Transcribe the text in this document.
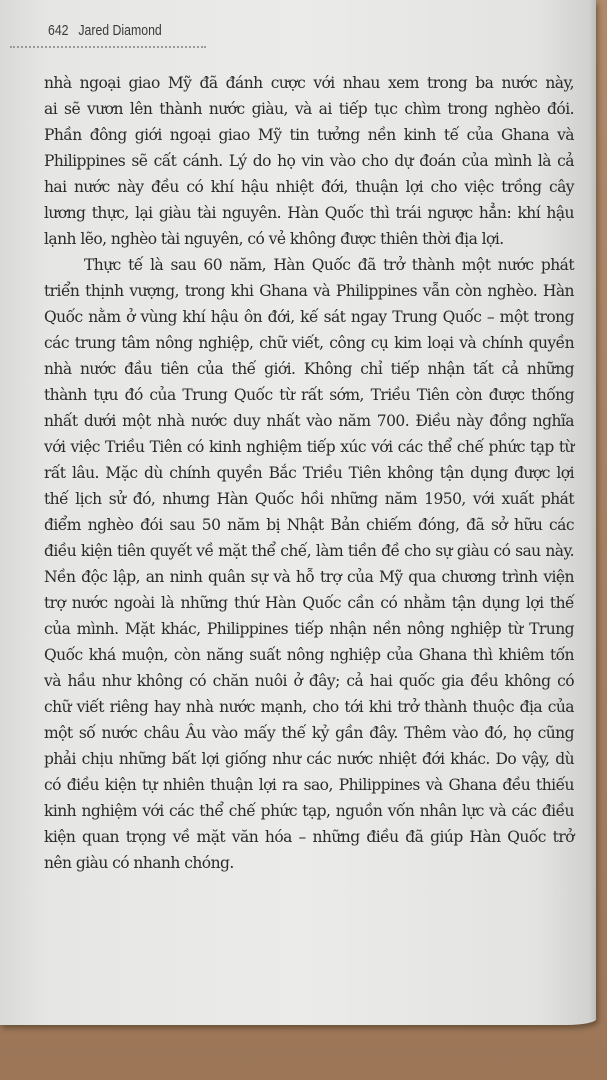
642 Jared Diamond
nhà ngoại giao Mỹ đã đánh cược với nhau xem trong ba nước này,
ai sẽ vươn lên thành nước giàu, và ai tiếp tục chìm trong nghèo đói.
Phần đông giới ngoại giao Mỹ tin tưởng nền kinh tế của Ghana và
Philippines sẽ cất cánh. Lý do họ vin vào cho dự đoán của mình là cả
hai nước này đều có khí hậu nhiệt đới, thuận lợi cho việc trồng cây
lương thực, lại giàu tài nguyên. Hàn Quốc thì trái ngược hẳn: khí hậu
lạnh lẽo, nghèo tài nguyên, có vẻ không được thiên thời địa lợi.
Thực tế là sau 60 năm, Hàn Quốc đã trở thành một nước phát
triển thịnh vượng, trong khi Ghana và Philippines vẫn còn nghèo. Hàn
Quốc nằm ở vùng khí hậu ôn đới, kế sát ngay Trung Quốc – một trong
các trung tâm nông nghiệp, chữ viết, công cụ kim loại và chính quyền
nhà nước đầu tiên của thế giới. Không chỉ tiếp nhận tất cả những
thành tựu đó của Trung Quốc từ rất sớm, Triều Tiên còn được thống
nhất dưới một nhà nước duy nhất vào năm 700. Điều này đồng nghĩa
với việc Triều Tiên có kinh nghiệm tiếp xúc với các thể chế phức tạp từ
rất lâu. Mặc dù chính quyền Bắc Triều Tiên không tận dụng được lợi
thế lịch sử đó, nhưng Hàn Quốc hồi những năm 1950, với xuất phát
điểm nghèo đói sau 50 năm bị Nhật Bản chiếm đóng, đã sở hữu các
điều kiện tiên quyết về mặt thể chế, làm tiền đề cho sự giàu có sau này.
Nền độc lập, an ninh quân sự và hỗ trợ của Mỹ qua chương trình viện
trợ nước ngoài là những thứ Hàn Quốc cần có nhằm tận dụng lợi thế
của mình. Mặt khác, Philippines tiếp nhận nền nông nghiệp từ Trung
Quốc khá muộn, còn năng suất nông nghiệp của Ghana thì khiêm tốn
và hầu như không có chăn nuôi ở đây; cả hai quốc gia đều không có
chữ viết riêng hay nhà nước mạnh, cho tới khi trở thành thuộc địa của
một số nước châu Âu vào mấy thế kỷ gần đây. Thêm vào đó, họ cũng
phải chịu những bất lợi giống như các nước nhiệt đới khác. Do vậy, dù
có điều kiện tự nhiên thuận lợi ra sao, Philippines và Ghana đều thiếu
kinh nghiệm với các thể chế phức tạp, nguồn vốn nhân lực và các điều
kiện quan trọng về mặt văn hóa – những điều đã giúp Hàn Quốc trở
nên giàu có nhanh chóng.
